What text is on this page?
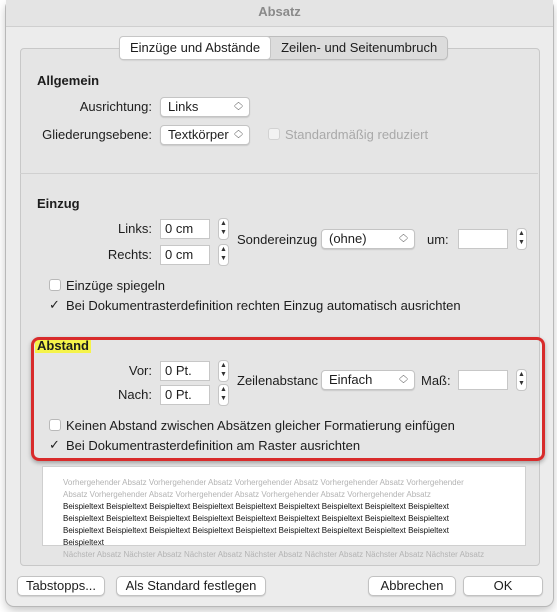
Absatz
Einzüge und Abstände	Zeilen- und Seitenumbruch
Allgemein
Ausrichtung:	Links	︿
﹀
Gliederungsebene:	Textkörper ︿
﹀	Standardmäßig reduziert
Einzug
Links:	0 cm	▲
▼
Rechts:	0 cm	▲
▼
Sondereinzug (ohne)	︿
﹀ um:	▲
▼
Einzüge spiegeln
✓ Bei Dokumentrasterdefinition rechten Einzug automatisch ausrichten
Abstand
Vor:	0 Pt.	▲
▼
Nach:	0 Pt.	▲
▼
Zeilenabstanc Einfach	︿
﹀ Maß:	▲
▼
Keinen Abstand zwischen Absätzen gleicher Formatierung einfügen
✓ Bei Dokumentrasterdefinition am Raster ausrichten
Vorhergehender Absatz Vorhergehender Absatz Vorhergehender Absatz Vorhergehender Absatz Vorhergehender
Absatz Vorhergehender Absatz Vorhergehender Absatz Vorhergehender Absatz Vorhergehender Absatz
Beispieltext Beispieltext Beispieltext Beispieltext Beispieltext Beispieltext Beispieltext Beispieltext Beispieltext
Beispieltext Beispieltext Beispieltext Beispieltext Beispieltext Beispieltext Beispieltext Beispieltext Beispieltext
Beispieltext Beispieltext Beispieltext Beispieltext Beispieltext Beispieltext Beispieltext Beispieltext Beispieltext
Beispieltext
Nächster Absatz Nächster Absatz Nächster Absatz Nächster Absatz Nächster Absatz Nächster Absatz Nächster Absatz
Tabstopps...	Als Standard festlegen	Abbrechen	OK
